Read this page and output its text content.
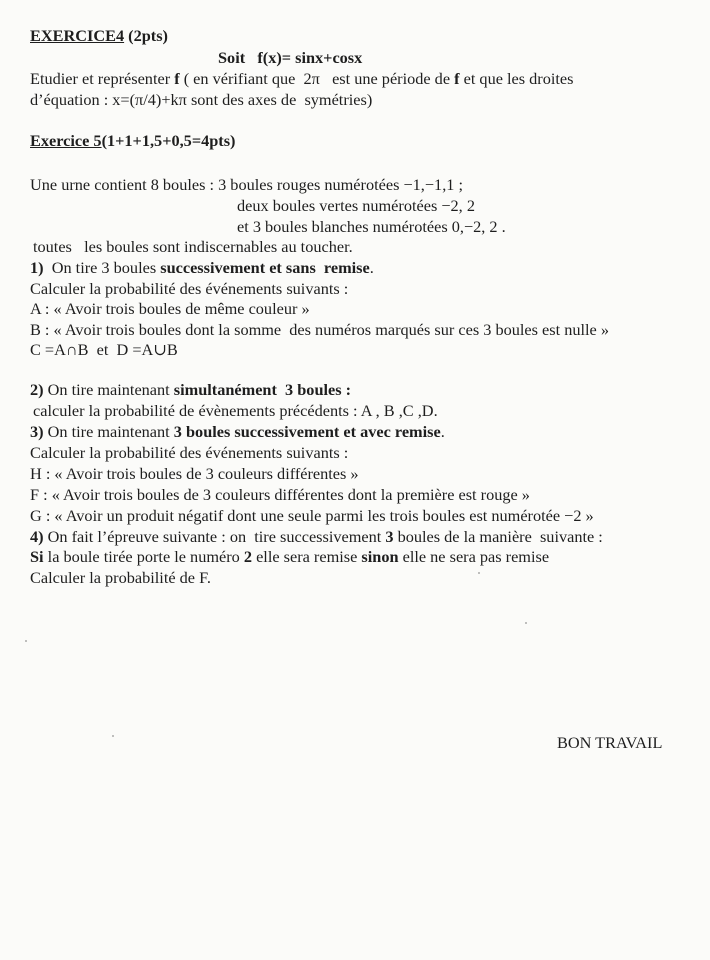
EXERCICE4 (2pts)
Soit   f(x)= sinx+cosx
Etudier et représenter f ( en vérifiant que  2π   est une période de f et que les droites
d’équation : x=(π/4)+kπ sont des axes de  symétries)
Exercice 5(1+1+1,5+0,5=4pts)
Une urne contient 8 boules : 3 boules rouges numérotées −1,−1,1 ;
deux boules vertes numérotées −2, 2
et 3 boules blanches numérotées 0,−2, 2 .
toutes   les boules sont indiscernables au toucher.
1)  On tire 3 boules successivement et sans  remise.
Calculer la probabilité des événements suivants :
A : « Avoir trois boules de même couleur »
B : « Avoir trois boules dont la somme  des numéros marqués sur ces 3 boules est nulle »
C =A∩B  et  D =A∪B
2) On tire maintenant simultanément  3 boules :
calculer la probabilité de évènements précédents : A , B ,C ,D.
3) On tire maintenant 3 boules successivement et avec remise.
Calculer la probabilité des événements suivants :
H : « Avoir trois boules de 3 couleurs différentes »
F : « Avoir trois boules de 3 couleurs différentes dont la première est rouge »
G : « Avoir un produit négatif dont une seule parmi les trois boules est numérotée −2 »
4) On fait l’épreuve suivante : on  tire successivement 3 boules de la manière  suivante :
Si la boule tirée porte le numéro 2 elle sera remise sinon elle ne sera pas remise
Calculer la probabilité de F.
BON TRAVAIL
